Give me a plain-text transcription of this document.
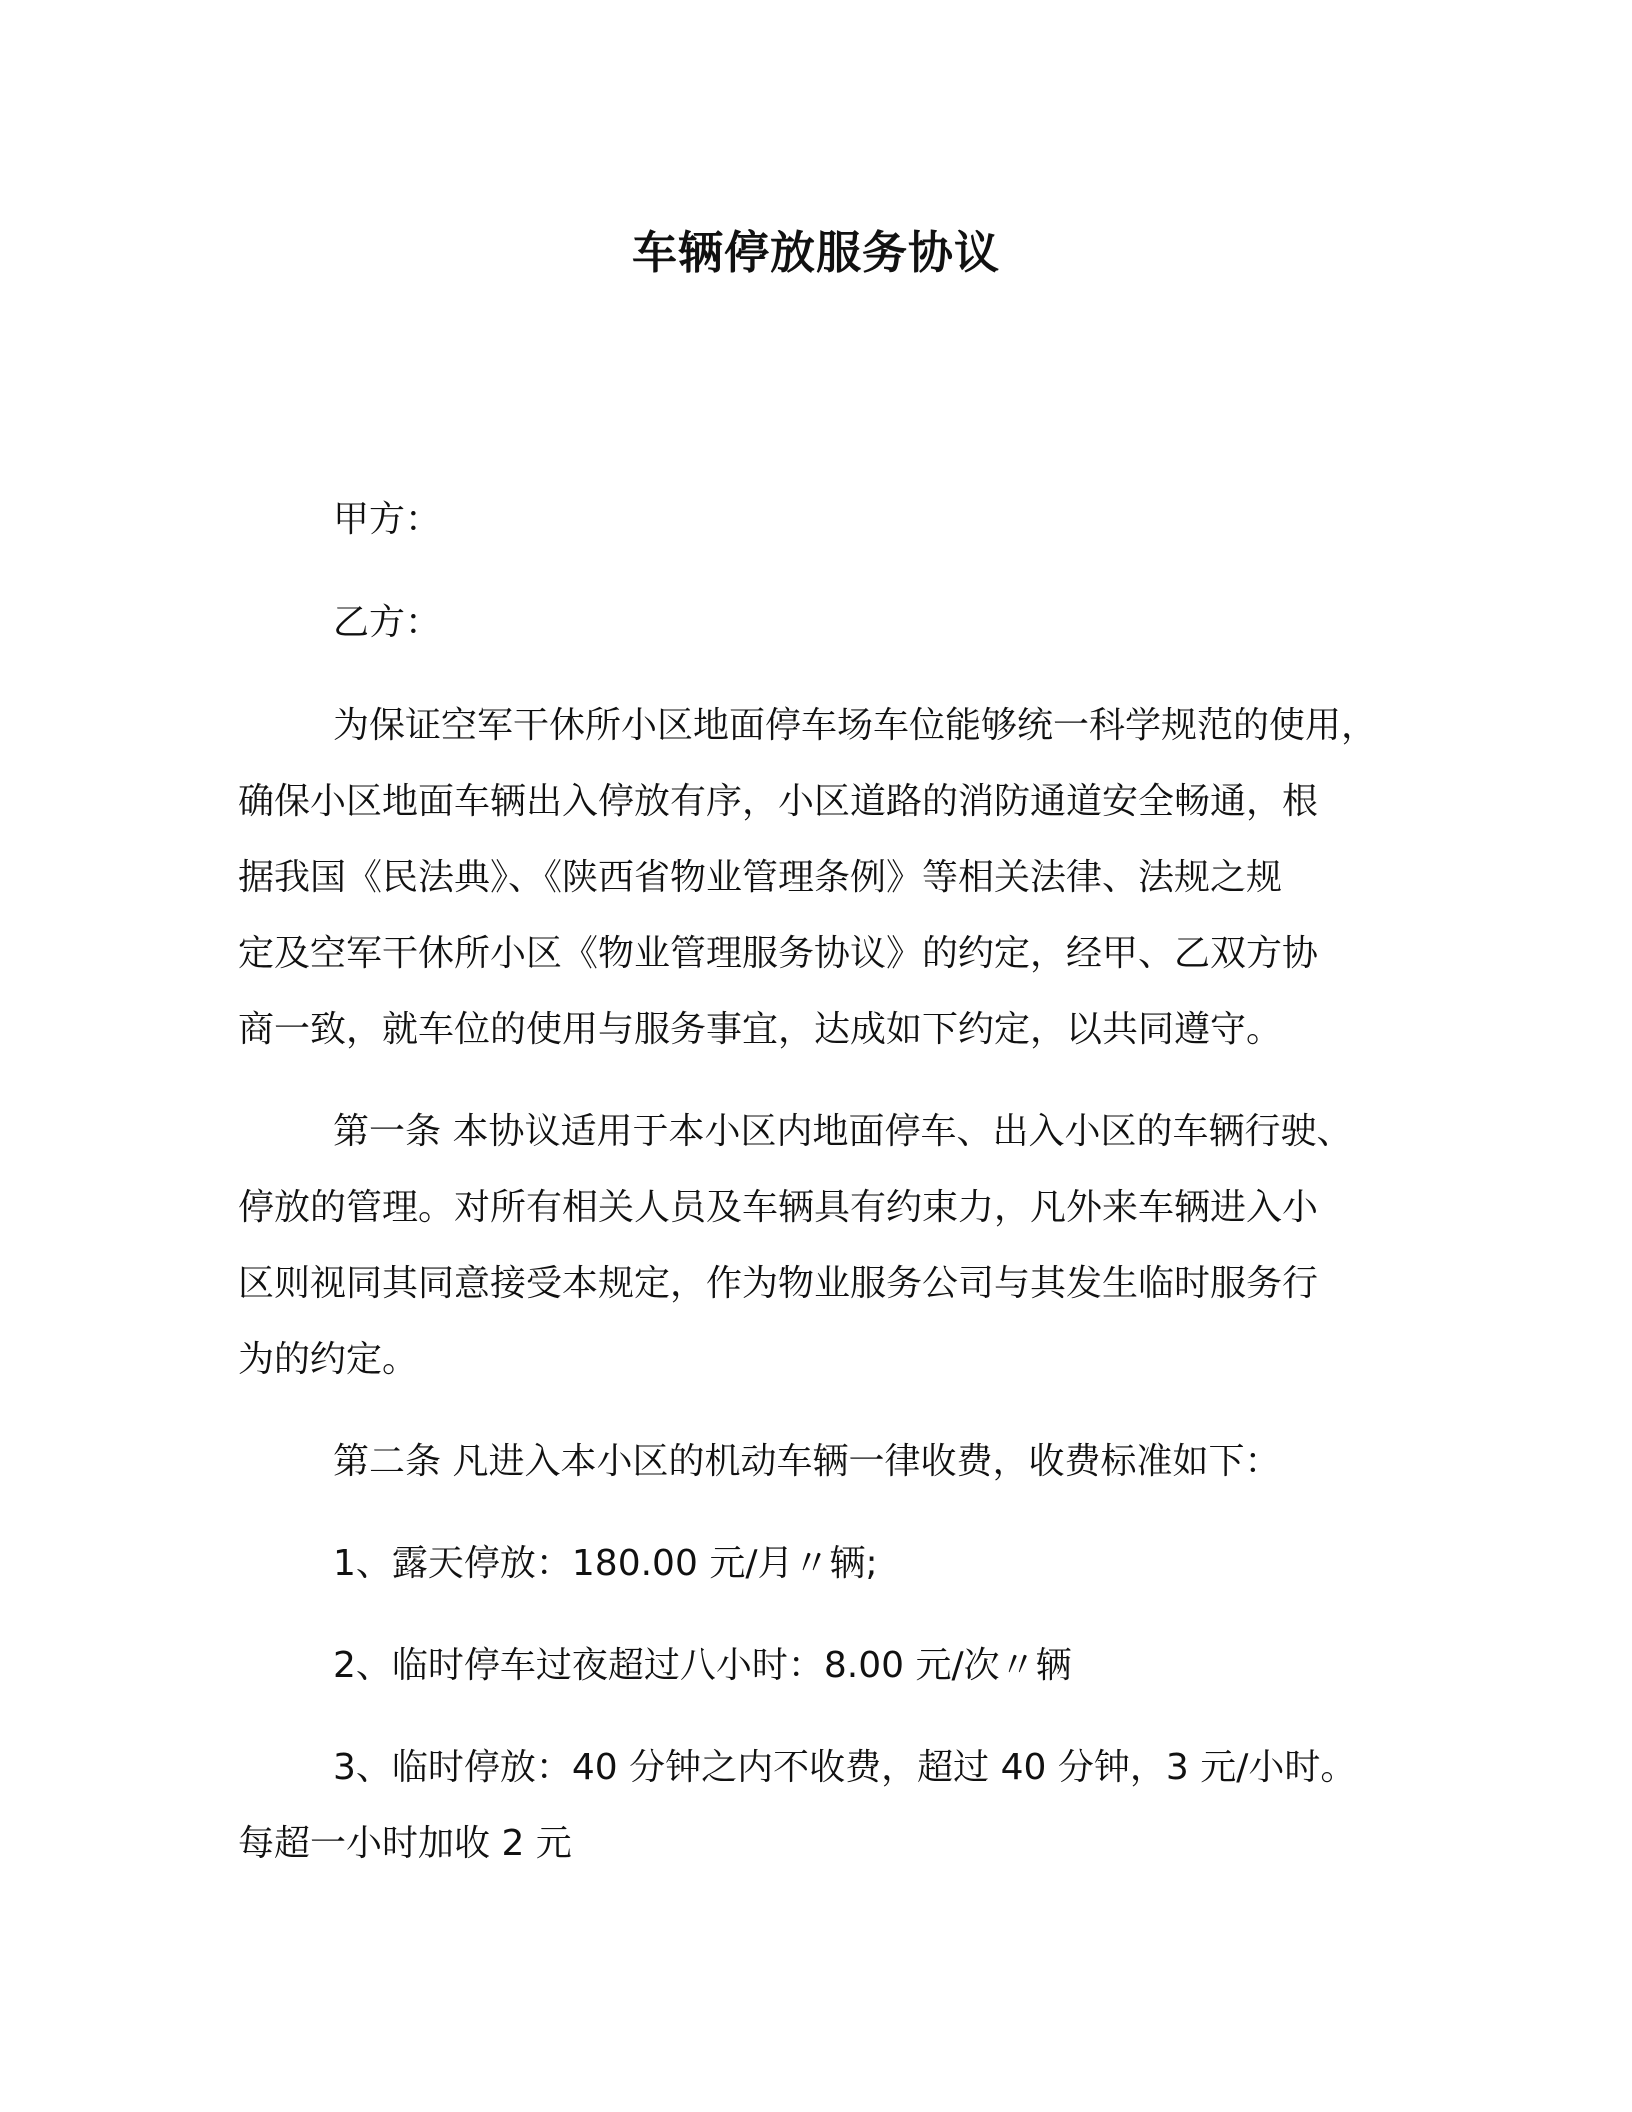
车辆停放服务协议
甲方：
乙方：
为保证空军干休所小区地面停车场车位能够统一科学规范的使用，
确保小区地面车辆出入停放有序，小区道路的消防通道安全畅通，根
据我国《民法典》、《陕西省物业管理条例》等相关法律、法规之规
定及空军干休所小区《物业管理服务协议》的约定，经甲、乙双方协
商一致，就车位的使用与服务事宜，达成如下约定，以共同遵守。
第一条 本协议适用于本小区内地面停车、出入小区的车辆行驶、
停放的管理。对所有相关人员及车辆具有约束力，凡外来车辆进入小
区则视同其同意接受本规定，作为物业服务公司与其发生临时服务行
为的约定。
第二条 凡进入本小区的机动车辆一律收费，收费标准如下：
1、露天停放：180.00 元/月〃辆;
2、临时停车过夜超过八小时：8.00 元/次〃辆
3、临时停放：40 分钟之内不收费，超过 40 分钟，3 元/小时。
每超一小时加收 2 元
